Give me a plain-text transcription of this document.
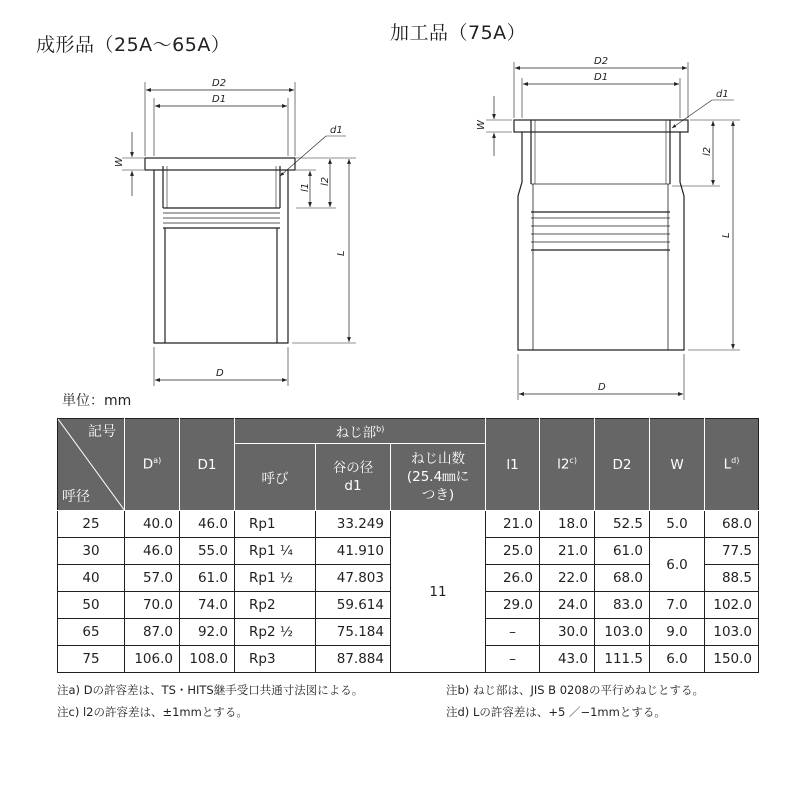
成形品（25A～65A）
加工品（75A）
D2
D1
d1
W
l1
l2
L
D
D2
D1
d1
W
l2
L
D
単位：mm
記号
呼径	$D^{a)}$	D1	ねじ部$^{b)}$			l1	l2$^{c)}$	D2	W	$L^{d)}$
			呼び	谷の径
d1	ねじ山数
(25.4㎜に
つき)					

25	40.0	46.0	Rp1	33.249	11	21.0	18.0	52.5	5.0	68.0
30	46.0	55.0	Rp1 ¼	41.910		25.0	21.0	61.0	6.0	77.5
40	57.0	61.0	Rp1 ½	47.803		26.0	22.0	68.0		88.5
50	70.0	74.0	Rp2	59.614		29.0	24.0	83.0	7.0	102.0
65	87.0	92.0	Rp2 ½	75.184		–	30.0	103.0	9.0	103.0
75	106.0	108.0	Rp3	87.884		–	43.0	111.5	6.0	150.0
注a) Dの許容差は、TS・HITS継手受口共通寸法図による。	注b) ねじ部は、JIS B 0208の平行めねじとする。
注c) l2の許容差は、±1mmとする。	注d) Lの許容差は、+5 ／−1mmとする。
